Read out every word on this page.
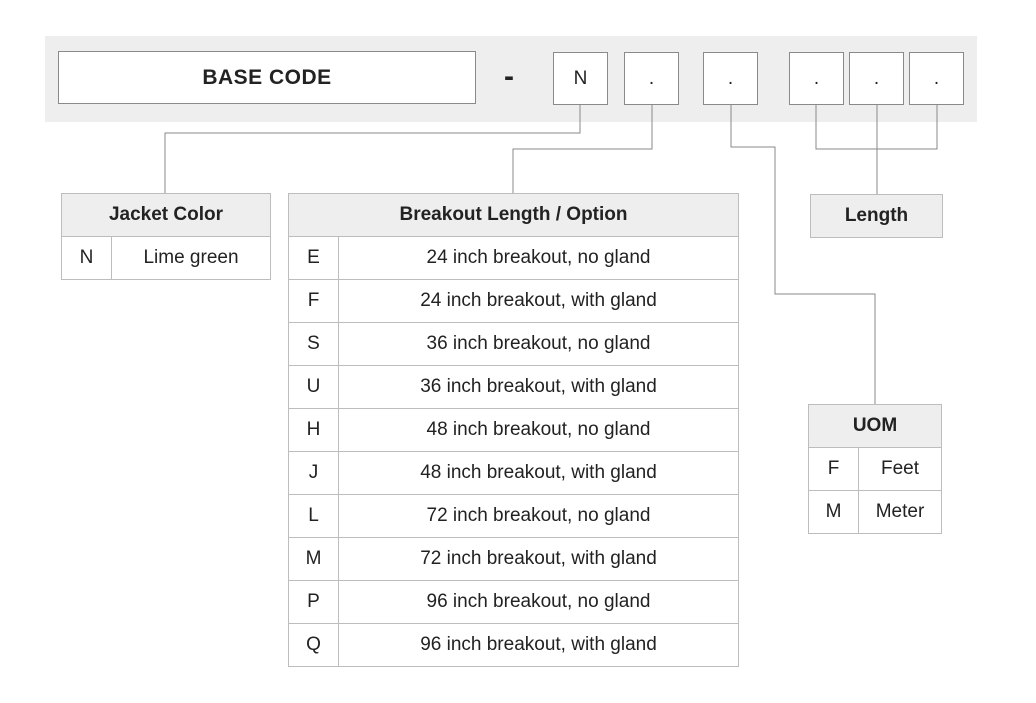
BASE CODE	-	N	.	.	.	.	.
Jacket Color
N	Lime green
Breakout Length / Option	
E	24 inch breakout, no gland
F	24 inch breakout, with gland
S	36 inch breakout, no gland
U	36 inch breakout, with gland
H	48 inch breakout, no gland
J	48 inch breakout, with gland
L	72 inch breakout, no gland
M	72 inch breakout, with gland
P	96 inch breakout, no gland
Q	96 inch breakout, with gland
Length
UOM	
F	Feet
M	Meter
